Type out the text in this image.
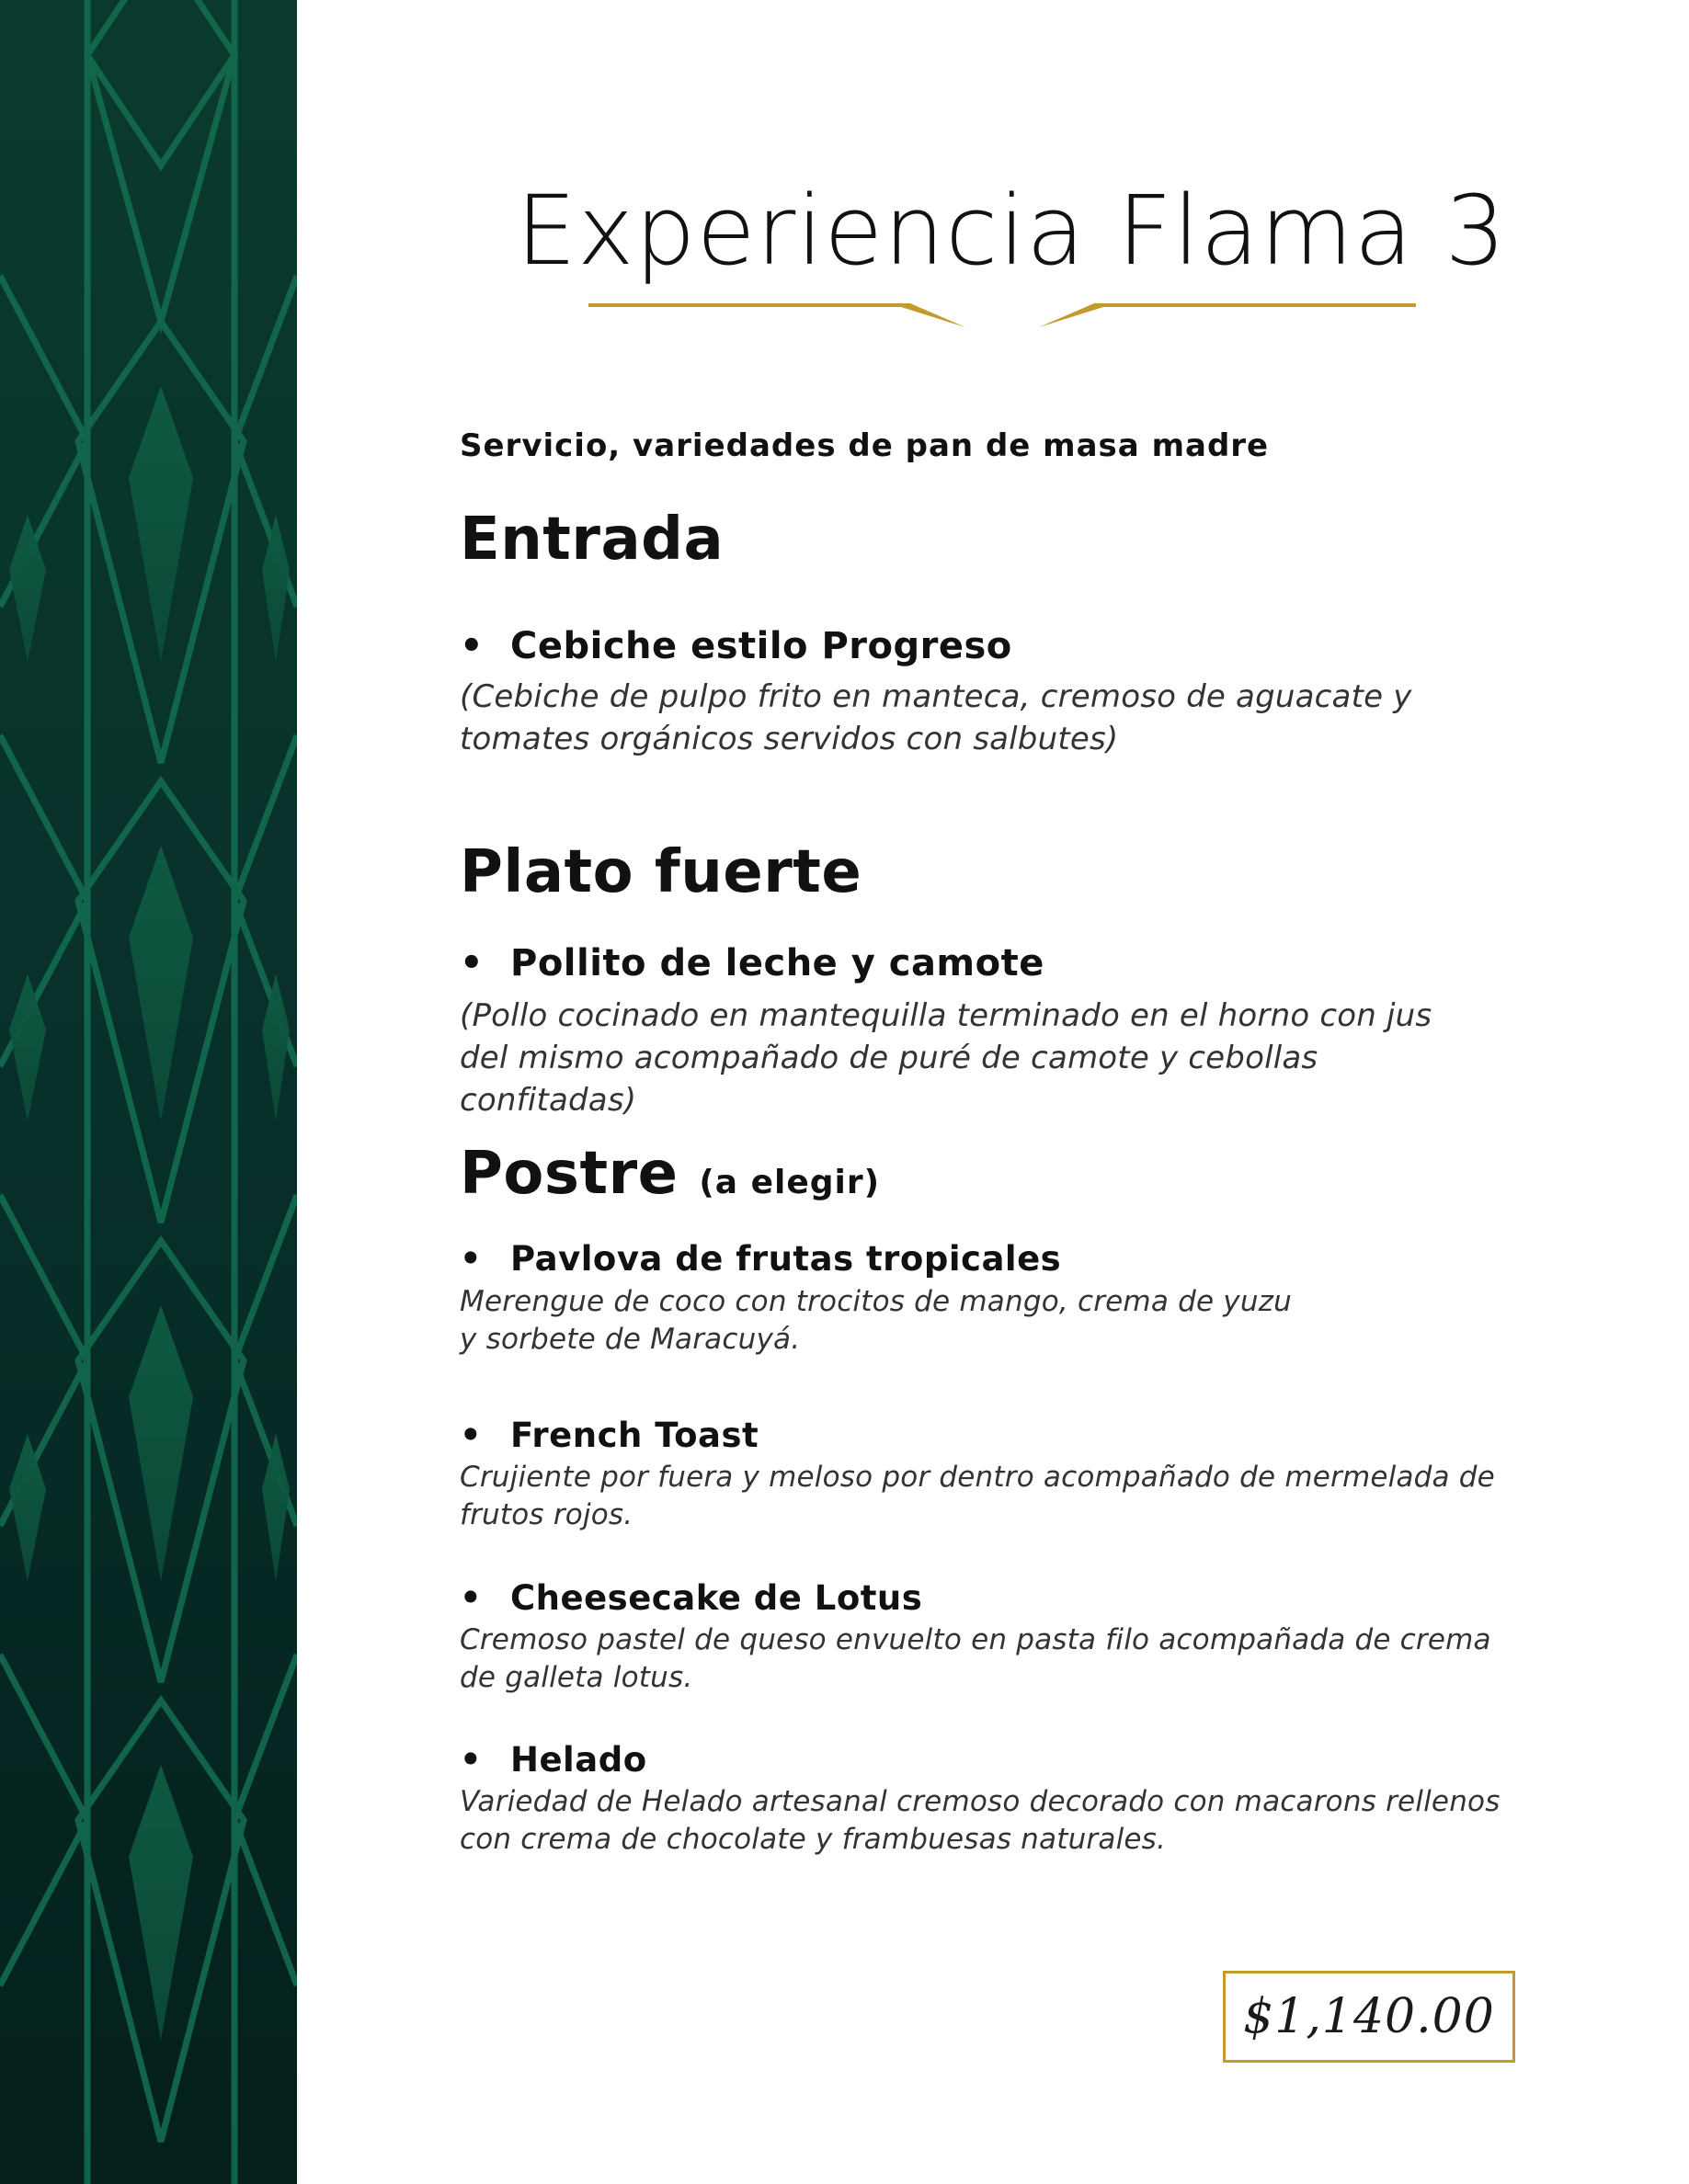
Experiencia Flama 3
Servicio, variedades de pan de masa madre
Entrada
• Cebiche estilo Progreso
(Cebiche de pulpo frito en manteca, cremoso de aguacate y tomates orgánicos servidos con salbutes)
Plato fuerte
• Pollito de leche y camote
(Pollo cocinado en mantequilla terminado en el horno con jus del mismo acompañado de puré de camote y cebollas confitadas)
Postre (a elegir)
• Pavlova de frutas tropicales
Merengue de coco con trocitos de mango, crema de yuzu
y sorbete de Maracuyá.
• French Toast
Crujiente por fuera y meloso por dentro acompañado de mermelada de frutos rojos.
• Cheesecake de Lotus
Cremoso pastel de queso envuelto en pasta filo acompañada de crema de galleta lotus.
• Helado
Variedad de Helado artesanal cremoso decorado con macarons rellenos con crema de chocolate y frambuesas naturales.
$1,140.00
